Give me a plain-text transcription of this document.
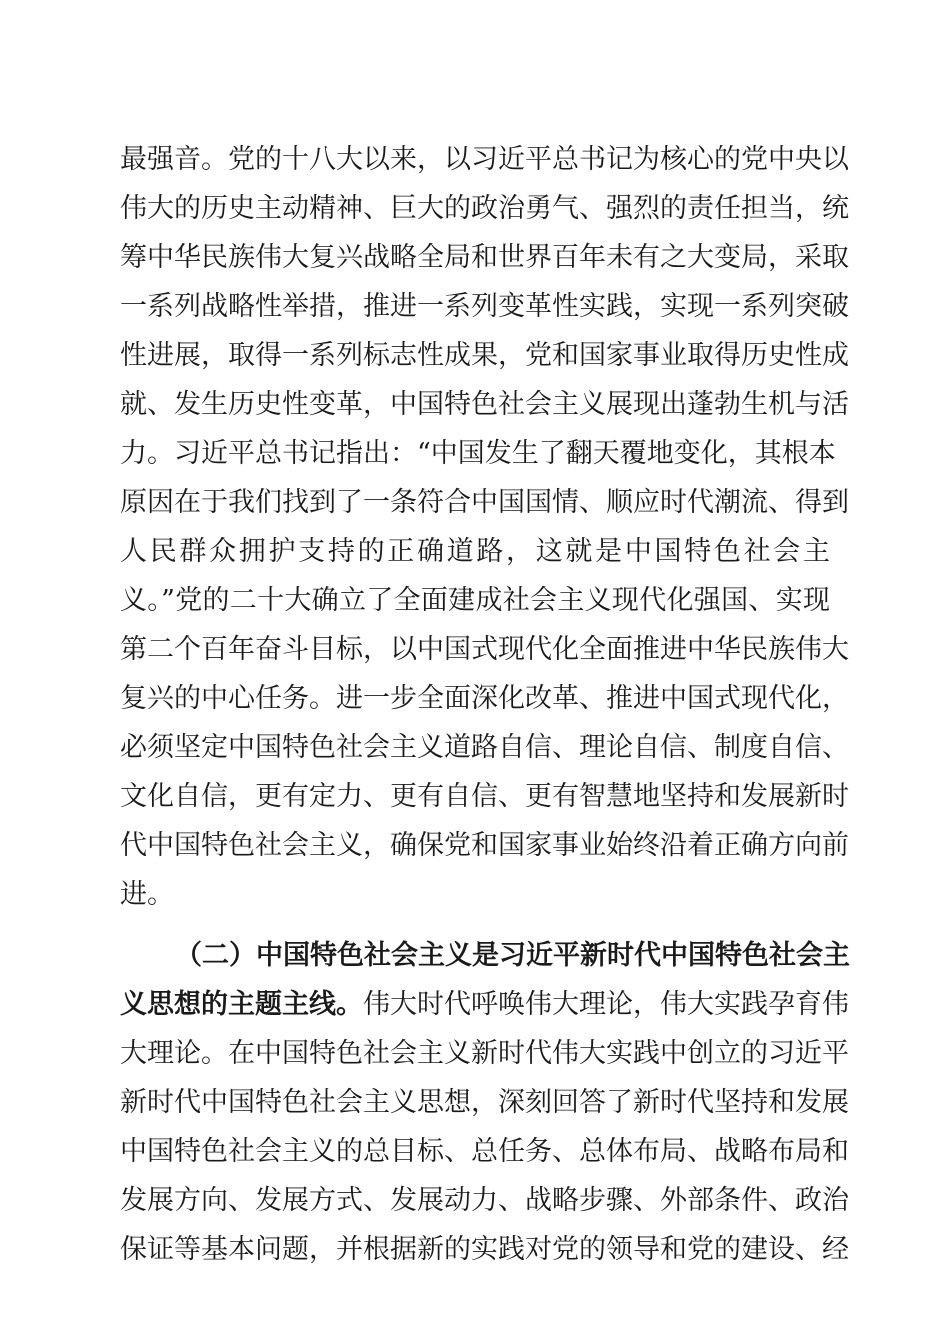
最强音。党的十八大以来，以习近平总书记为核心的党中央以
伟大的历史主动精神、巨大的政治勇气、强烈的责任担当，统
筹中华民族伟大复兴战略全局和世界百年未有之大变局，采取
一系列战略性举措，推进一系列变革性实践，实现一系列突破
性进展，取得一系列标志性成果，党和国家事业取得历史性成
就、发生历史性变革，中国特色社会主义展现出蓬勃生机与活
力。习近平总书记指出：“中国发生了翻天覆地变化，其根本
原因在于我们找到了一条符合中国国情、顺应时代潮流、得到
人民群众拥护支持的正确道路，这就是中国特色社会主
义。”党的二十大确立了全面建成社会主义现代化强国、实现
第二个百年奋斗目标，以中国式现代化全面推进中华民族伟大
复兴的中心任务。进一步全面深化改革、推进中国式现代化，
必须坚定中国特色社会主义道路自信、理论自信、制度自信、
文化自信，更有定力、更有自信、更有智慧地坚持和发展新时
代中国特色社会主义，确保党和国家事业始终沿着正确方向前
进。
（二）中国特色社会主义是习近平新时代中国特色社会主
义思想的主题主线。伟大时代呼唤伟大理论，伟大实践孕育伟
大理论。在中国特色社会主义新时代伟大实践中创立的习近平
新时代中国特色社会主义思想，深刻回答了新时代坚持和发展
中国特色社会主义的总目标、总任务、总体布局、战略布局和
发展方向、发展方式、发展动力、战略步骤、外部条件、政治
保证等基本问题，并根据新的实践对党的领导和党的建设、经
